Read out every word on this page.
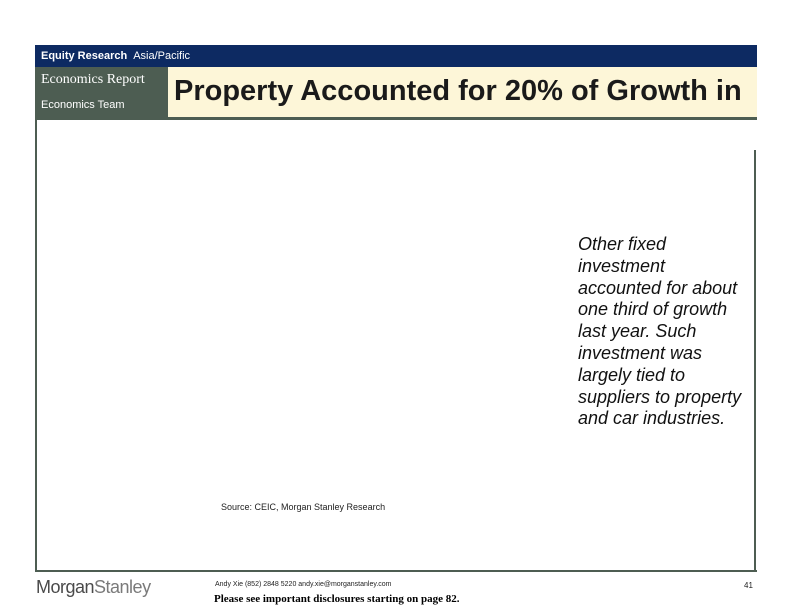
Equity Research Asia/Pacific
Economics Report
Economics Team Property Accounted for 20% of Growth in
Other fixed investment accounted for about one third of growth last year. Such investment was largely tied to suppliers to property and car industries.
Source: CEIC, Morgan Stanley Research
MorganStanley	Andy Xie (852) 2848 5220 andy.xie@morganstanley.com
Please see important disclosures starting on page 82.
41
